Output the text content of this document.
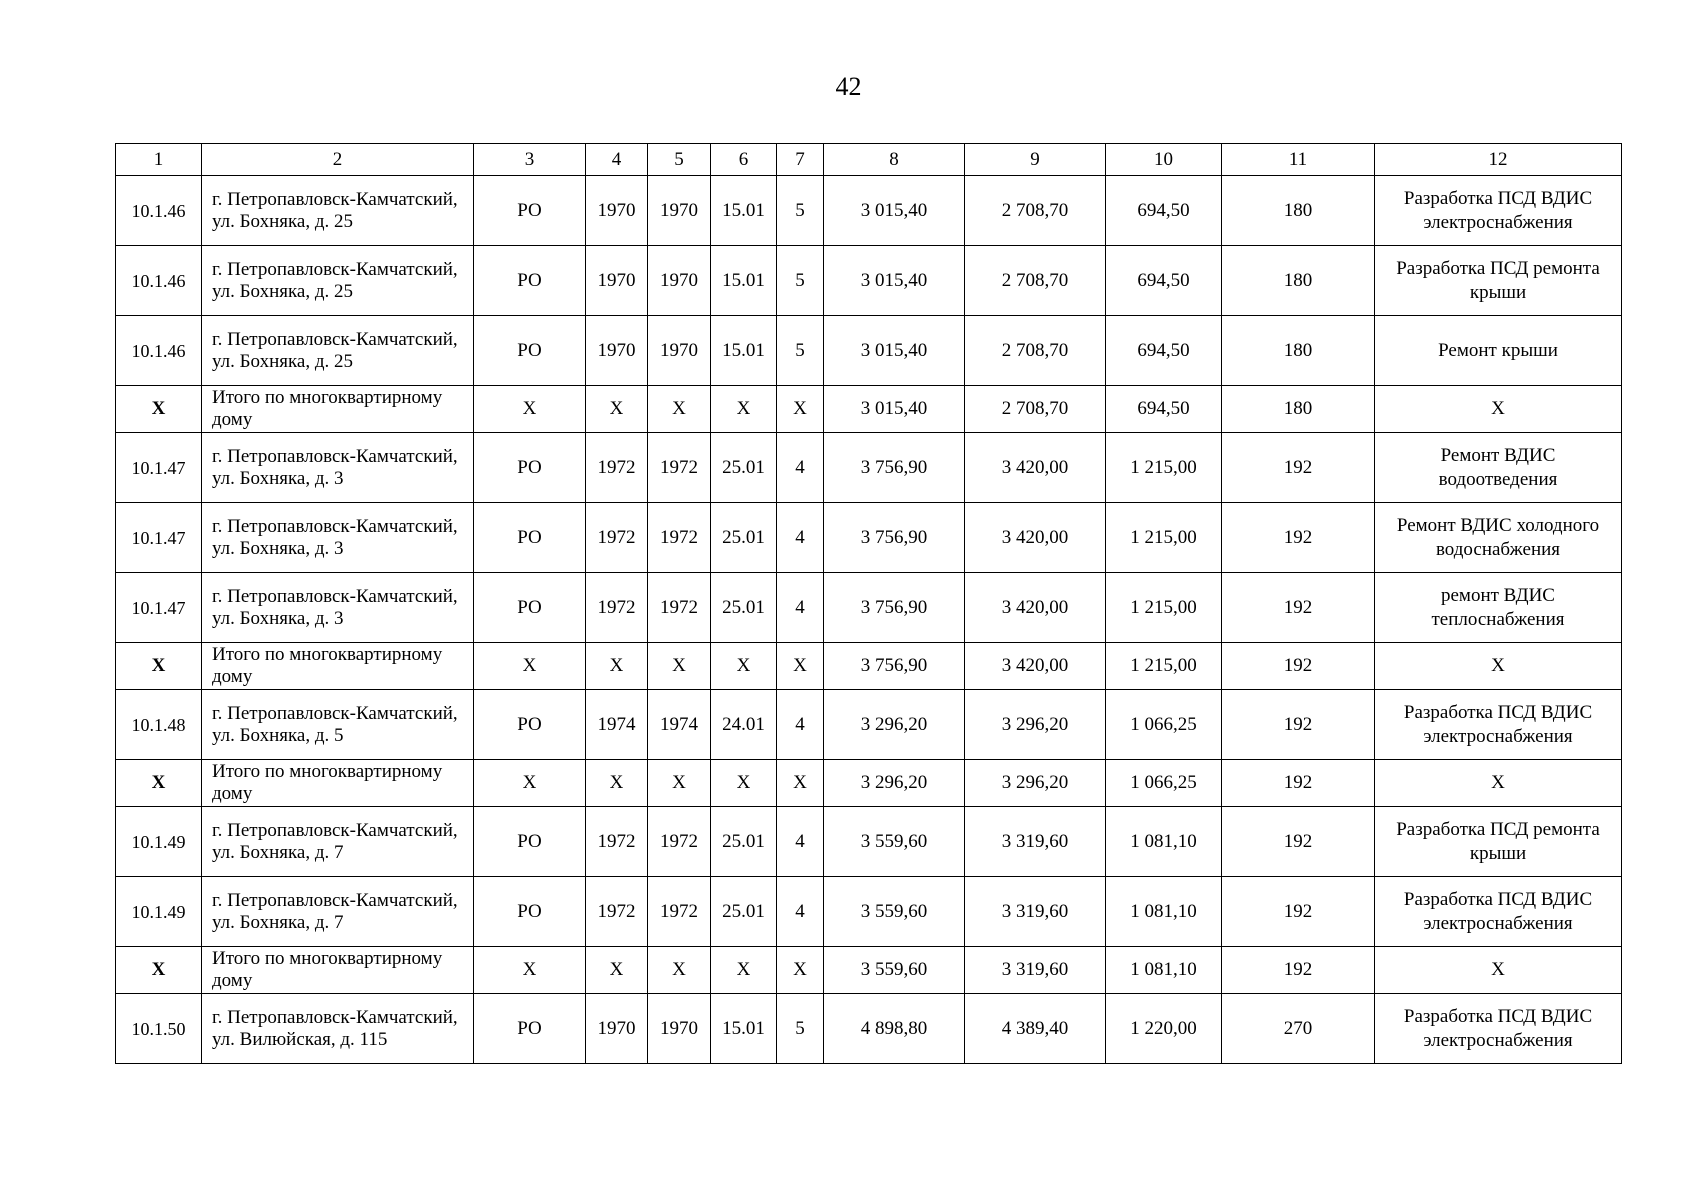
42
1	2	3	4	5	6	7	8	9	10	11	12
10.1.46	г. Петропавловск-Камчатский, ул. Бохняка, д. 25	РО	1970	1970	15.01	5	3 015,40	2 708,70	694,50	180	Разработка ПСД ВДИС электроснабжения
10.1.46	г. Петропавловск-Камчатский, ул. Бохняка, д. 25	РО	1970	1970	15.01	5	3 015,40	2 708,70	694,50	180	Разработка ПСД ремонта крыши
10.1.46	г. Петропавловск-Камчатский, ул. Бохняка, д. 25	РО	1970	1970	15.01	5	3 015,40	2 708,70	694,50	180	Ремонт крыши
Х	Итого по многоквартирному дому	Х	Х	Х	Х	Х	3 015,40	2 708,70	694,50	180	Х
10.1.47	г. Петропавловск-Камчатский, ул. Бохняка, д. 3	РО	1972	1972	25.01	4	3 756,90	3 420,00	1 215,00	192	Ремонт ВДИС водоотведения
10.1.47	г. Петропавловск-Камчатский, ул. Бохняка, д. 3	РО	1972	1972	25.01	4	3 756,90	3 420,00	1 215,00	192	Ремонт ВДИС холодного водоснабжения
10.1.47	г. Петропавловск-Камчатский, ул. Бохняка, д. 3	РО	1972	1972	25.01	4	3 756,90	3 420,00	1 215,00	192	ремонт ВДИС теплоснабжения
Х	Итого по многоквартирному дому	Х	Х	Х	Х	Х	3 756,90	3 420,00	1 215,00	192	Х
10.1.48	г. Петропавловск-Камчатский, ул. Бохняка, д. 5	РО	1974	1974	24.01	4	3 296,20	3 296,20	1 066,25	192	Разработка ПСД ВДИС электроснабжения
Х	Итого по многоквартирному дому	Х	Х	Х	Х	Х	3 296,20	3 296,20	1 066,25	192	Х
10.1.49	г. Петропавловск-Камчатский, ул. Бохняка, д. 7	РО	1972	1972	25.01	4	3 559,60	3 319,60	1 081,10	192	Разработка ПСД ремонта крыши
10.1.49	г. Петропавловск-Камчатский, ул. Бохняка, д. 7	РО	1972	1972	25.01	4	3 559,60	3 319,60	1 081,10	192	Разработка ПСД ВДИС электроснабжения
Х	Итого по многоквартирному дому	Х	Х	Х	Х	Х	3 559,60	3 319,60	1 081,10	192	Х
10.1.50	г. Петропавловск-Камчатский, ул. Вилюйская, д. 115	РО	1970	1970	15.01	5	4 898,80	4 389,40	1 220,00	270	Разработка ПСД ВДИС электроснабжения
